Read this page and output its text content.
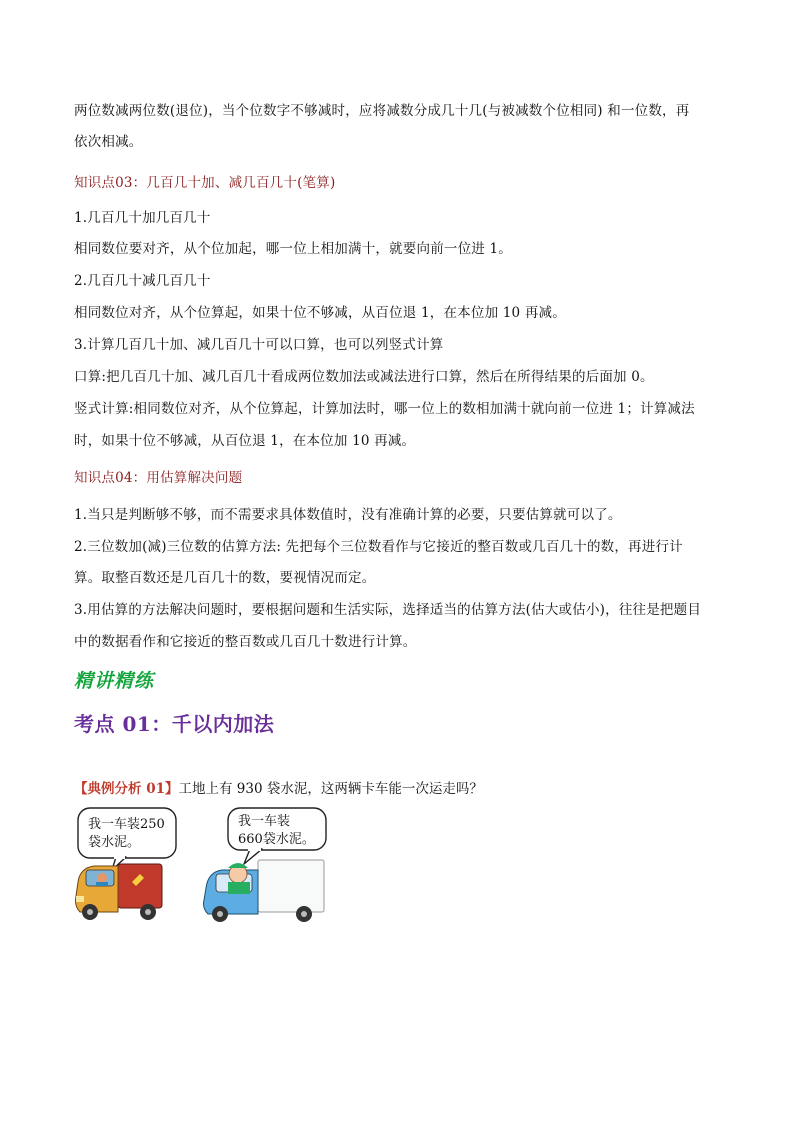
两位数减两位数(退位)，当个位数字不够减时，应将减数分成几十几(与被减数个位相同) 和一位数，再
依次相减。
知识点03：几百几十加、减几百几十(笔算)
1.几百几十加几百几十
相同数位要对齐，从个位加起，哪一位上相加满十，就要向前一位进 1。
2.几百几十减几百几十
相同数位对齐，从个位算起，如果十位不够减，从百位退 1，在本位加 10 再减。
3.计算几百几十加、减几百几十可以口算，也可以列竖式计算
口算:把几百几十加、减几百几十看成两位数加法或减法进行口算，然后在所得结果的后面加 0。
竖式计算:相同数位对齐，从个位算起，计算加法时，哪一位上的数相加满十就向前一位进 1；计算减法
时，如果十位不够减，从百位退 1，在本位加 10 再减。
知识点04：用估算解决问题
1.当只是判断够不够，而不需要求具体数值时，没有准确计算的必要，只要估算就可以了。
2.三位数加(减)三位数的估算方法: 先把每个三位数看作与它接近的整百数或几百几十的数，再进行计
算。取整百数还是几百几十的数，要视情况而定。
3.用估算的方法解决问题时，要根据问题和生活实际，选择适当的估算方法(估大或估小)，往往是把题目
中的数据看作和它接近的整百数或几百几十数进行计算。
精讲精练
考点 01：千以内加法
【典例分析 01】工地上有 930 袋水泥，这两辆卡车能一次运走吗？
我一车装250
袋水泥。
我一车装
660袋水泥。
